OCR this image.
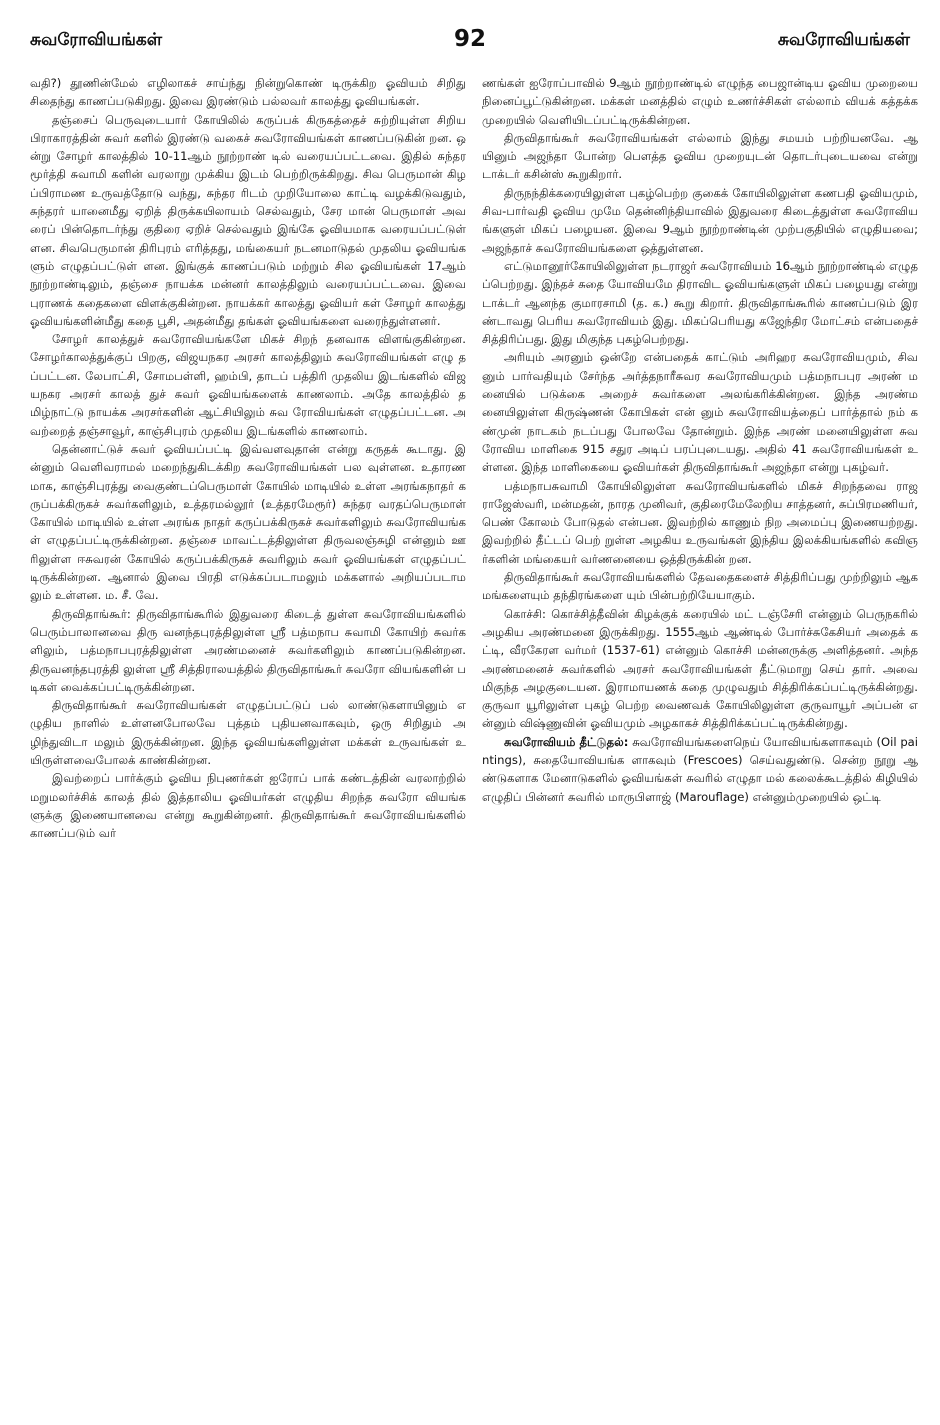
சுவரோவியங்கள்	92	சுவரோவியங்கள்

வதி?) தூணின்மேல் எழிலாகச் சாய்ந்து நின்றுகொண் டிருக்கிற ஓவியம் சிறிது சிதைந்து காணப்படுகிறது. இவை இரண்டும் பல்லவர் காலத்து ஓவியங்கள்.

தஞ்சைப் பெருவுடையார் கோயிலில் கருப்பக் கிருகத்தைச் சுற்றியுள்ள சிறிய பிராகாரத்தின் சுவர் களில் இரண்டு வகைச் சுவரோவியங்கள் காணப்படுகின் றன. ஒன்று சோழர் காலத்தில் 10-11ஆம் நூற்றாண் டில் வரையப்பட்டவை. இதில் சுந்தரமூர்த்தி சுவாமி களின் வரலாறு முக்கிய இடம் பெற்றிருக்கிறது. சிவ பெருமான் கிழப்பிராமண உருவத்தோடு வந்து, சுந்தர ரிடம் முறியோலை காட்டி வழக்கிடுவதும், சுந்தரர் யானைமீது ஏறித் திருக்கயிலாயம் செல்வதும், சேர மான் பெருமாள் அவரைப் பின்தொடர்ந்து குதிரை ஏறிச் செல்வதும் இங்கே ஓவியமாக வரையப்பட்டுள் ளன. சிவபெருமான் திரிபுரம் எரித்தது, மங்கையர் நடனமாடுதல் முதலிய ஓவியங்களும் எழுதப்பட்டுள் ளன. இங்குக் காணப்படும் மற்றும் சில ஓவியங்கள் 17ஆம் நூற்றாண்டிலும், தஞ்சை நாயக்க மன்னர் காலத்திலும் வரையப்பட்டவை. இவை புராணக் கதைகளை விளக்குகின்றன. நாயக்கர் காலத்து ஓவியர் கள் சோழர் காலத்து ஓவியங்களின்மீது கதை பூசி, அதன்மீது தங்கள் ஓவியங்களை வரைந்துள்ளனர்.

சோழர் காலத்துச் சுவரோவியங்களே மிகச் சிறந் தனவாக விளங்குகின்றன. சோழர்காலத்துக்குப் பிறகு, விஜயநகர அரசர் காலத்திலும் சுவரோவியங்கள் எழு தப்பட்டன. லேபாட்சி, சோமபள்ளி, ஹம்பி, தாடப் பத்திரி முதலிய இடங்களில் விஜயநகர அரசர் காலத் துச் சுவர் ஓவியங்களைக் காணலாம். அதே காலத்தில் தமிழ்நாட்டு நாயக்க அரசர்களின் ஆட்சியிலும் சுவ ரோவியங்கள் எழுதப்பட்டன. அவற்றைத் தஞ்சாவூர், காஞ்சிபுரம் முதலிய இடங்களில் காணலாம்.

தென்னாட்டுச் சுவர் ஓவியப்பட்டி இவ்வளவுதான் என்று கருதக் கூடாது. இன்னும் வெளிவராமல் மறைந்துகிடக்கிற சுவரோவியங்கள் பல வுள்ளன. உதாரணமாக, காஞ்சிபுரத்து வைகுண்டப்பெருமாள் கோயில் மாடியில் உள்ள அரங்கநாதர் கருப்பக்கிருகச் சுவர்களிலும், உத்தரமல்லூர் (உத்தரமேரூர்) சுந்தர வரதப்பெருமாள் கோயில் மாடியில் உள்ள அரங்க நாதர் கருப்பக்கிருகச் சுவர்களிலும் சுவரோவியங்கள் எழுதப்பட்டிருக்கின்றன. தஞ்சை மாவட்டத்திலுள்ள திருவலஞ்சுழி என்னும் ஊரிலுள்ள ஈசுவரன் கோயில் கருப்பக்கிருகச் சுவரிலும் சுவர் ஓவியங்கள் எழுதப்பட் டிருக்கின்றன. ஆனால் இவை பிரதி எடுக்கப்படாமலும் மக்களால் அறியப்படாமலும் உள்ளன. ம. சீ. வே.

திருவிதாங்கூர்: திருவிதாங்கூரில் இதுவரை கிடைத் துள்ள சுவரோவியங்களில் பெரும்பாலானவை திரு வனந்தபுரத்திலுள்ள ஸ்ரீ பத்மநாப சுவாமி கோயிற் சுவர்களிலும், பத்மநாபபுரத்திலுள்ள அரண்மனைச் சுவர்களிலும் காணப்படுகின்றன. திருவனந்தபுரத்தி லுள்ள ஸ்ரீ சித்திராலயத்தில் திருவிதாங்கூர் சுவரோ வியங்களின் படிகள் வைக்கப்பட்டிருக்கின்றன.

திருவிதாங்கூர் சுவரோவியங்கள் எழுதப்பட்டுப் பல் லாண்டுகளாயினும் எழுதிய நாளில் உள்ளனபோலவே புத்தம் புதியனவாகவும், ஒரு சிறிதும் அழிந்துவிடா மலும் இருக்கின்றன. இந்த ஓவியங்களிலுள்ள மக்கள் உருவங்கள் உயிருள்ளவைபோலக் காண்கின்றன.

இவற்றைப் பார்க்கும் ஓவிய நிபுணர்கள் ஐரோப் பாக் கண்டத்தின் வரலாற்றில் மறுமலர்ச்சிக் காலத் தில் இத்தாலிய ஓவியர்கள் எழுதிய சிறந்த சுவரோ வியங்களுக்கு இணையானவை என்று கூறுகின்றனர். திருவிதாங்கூர் சுவரோவியங்களில் காணப்படும் வர்

ணங்கள் ஐரோப்பாவில் 9ஆம் நூற்றாண்டில் எழுந்த பைஜான்டிய ஓவிய முறையை நினைப்பூட்டுகின்றன. மக்கள் மனத்தில் எழும் உணர்ச்சிகள் எல்லாம் வியக் கத்தக்கமுறையில் வெளியிடப்பட்டிருக்கின்றன.

திருவிதாங்கூர் சுவரோவியங்கள் எல்லாம் இந்து சமயம் பற்றியனவே. ஆயினும் அஜந்தா போன்ற பௌத்த ஓவிய முறையுடன் தொடர்புடையவை என்று டாக்டர் கசின்ஸ் கூறுகிறார்.

திருநந்திக்கரையிலுள்ள புகழ்பெற்ற குகைக் கோயிலிலுள்ள கணபதி ஓவியமும், சிவ-பார்வதி ஓவிய முமே தென்னிந்தியாவில் இதுவரை கிடைத்துள்ள சுவரோவியங்களுள் மிகப் பழையன. இவை 9ஆம் நூற்றாண்டின் முற்பகுதியில் எழுதியவை; அஜந்தாச் சுவரோவியங்களை ஒத்துள்ளன.

எட்டுமானூர்கோயிலிலுள்ள நடராஜர் சுவரோவியம் 16ஆம் நூற்றாண்டில் எழுதப்பெற்றது. இந்தச் சுதை யோவியமே திராவிட ஓவியங்களுள் மிகப் பழையது என்று டாக்டர் ஆனந்த குமாரசாமி (த. க.) கூறு கிறார். திருவிதாங்கூரில் காணப்படும் இரண்டாவது பெரிய சுவரோவியம் இது. மிகப்பெரியது கஜேந்திர மோட்சம் என்பதைச் சித்திரிப்பது. இது மிகுந்த புகழ்பெற்றது.

அரியும் அரனும் ஒன்றே என்பதைக் காட்டும் அரிஹர சுவரோவியமும், சிவனும் பார்வதியும் சேர்ந்த அர்த்தநாரீசுவர சுவரோவியமும் பத்மநாபபுர அரண் மனையில் படுக்கை அறைச் சுவர்களை அலங்கரிக்கின்றன. இந்த அரண்மனையிலுள்ள கிருஷ்ணன் கோபிகள் என் னும் சுவரோவியத்தைப் பார்த்தால் நம் கண்முன் நாடகம் நடப்பது போலவே தோன்றும். இந்த அரண் மனையிலுள்ள சுவரோவிய மாளிகை 915 சதுர அடிப் பரப்புடையது. அதில் 41 சுவரோவியங்கள் உள்ளன. இந்த மாளிகையை ஓவியர்கள் திருவிதாங்கூர் அஜந்தா என்று புகழ்வர்.

பத்மநாபசுவாமி கோயிலிலுள்ள சுவரோவியங்களில் மிகச் சிறந்தவை ராஜராஜேஸ்வரி, மன்மதன், நாரத முனிவர், குதிரைமேலேறிய சாத்தனர், சுப்பிரமணியர், பெண் கோலம் போடுதல் என்பன. இவற்றில் காணும் நிற அமைப்பு இணையற்றது. இவற்றில் தீட்டப் பெற் றுள்ள அழகிய உருவங்கள் இந்திய இலக்கியங்களில் கவிஞர்களின் மங்கையர் வர்ணனையை ஒத்திருக்கின் றன.

திருவிதாங்கூர் சுவரோவியங்களில் தேவதைகளைச் சித்திரிப்பது முற்றிலும் ஆகமங்களையும் தந்திரங்களை யும் பின்பற்றியேயாகும்.

கொச்சி: கொச்சித்தீவின் கிழக்குக் கரையில் மட் டஞ்சேரி என்னும் பெருநகரில் அழகிய அரண்மனை இருக்கிறது. 1555ஆம் ஆண்டில் போர்ச்சுகேசியர் அதைக் கட்டி, வீரகேரள வர்மர் (1537-61) என்னும் கொச்சி மன்னருக்கு அளித்தனர். அந்த அரண்மனைச் சுவர்களில் அரசர் சுவரோவியங்கள் தீட்டுமாறு செய் தார். அவை மிகுந்த அழகுடையன. இராமாயணக் கதை முழுவதும் சித்திரிக்கப்பட்டிருக்கின்றது. குருவா யூரிலுள்ள புகழ் பெற்ற வைணவக் கோயிலிலுள்ள குருவாயூர் அப்பன் என்னும் விஷ்ணுவின் ஓவியமும் அழகாகச் சித்திரிக்கப்பட்டிருக்கின்றது.

சுவரோவியம் தீட்டுதல்: சுவரோவியங்களைநெய் யோவியங்களாகவும் (Oil paintings), சுதையோவியங்க ளாகவும் (Frescoes) செய்வதுண்டு. சென்ற நூறு ஆண்டுகளாக மேனாடுகளில் ஓவியங்கள் சுவரில் எழுதா மல் கலைக்கூடத்தில் கிழியில் எழுதிப் பின்னர் சுவரில் மாருபிளாஜ் (Marouflage) என்னும்முறையில் ஒட்டி
